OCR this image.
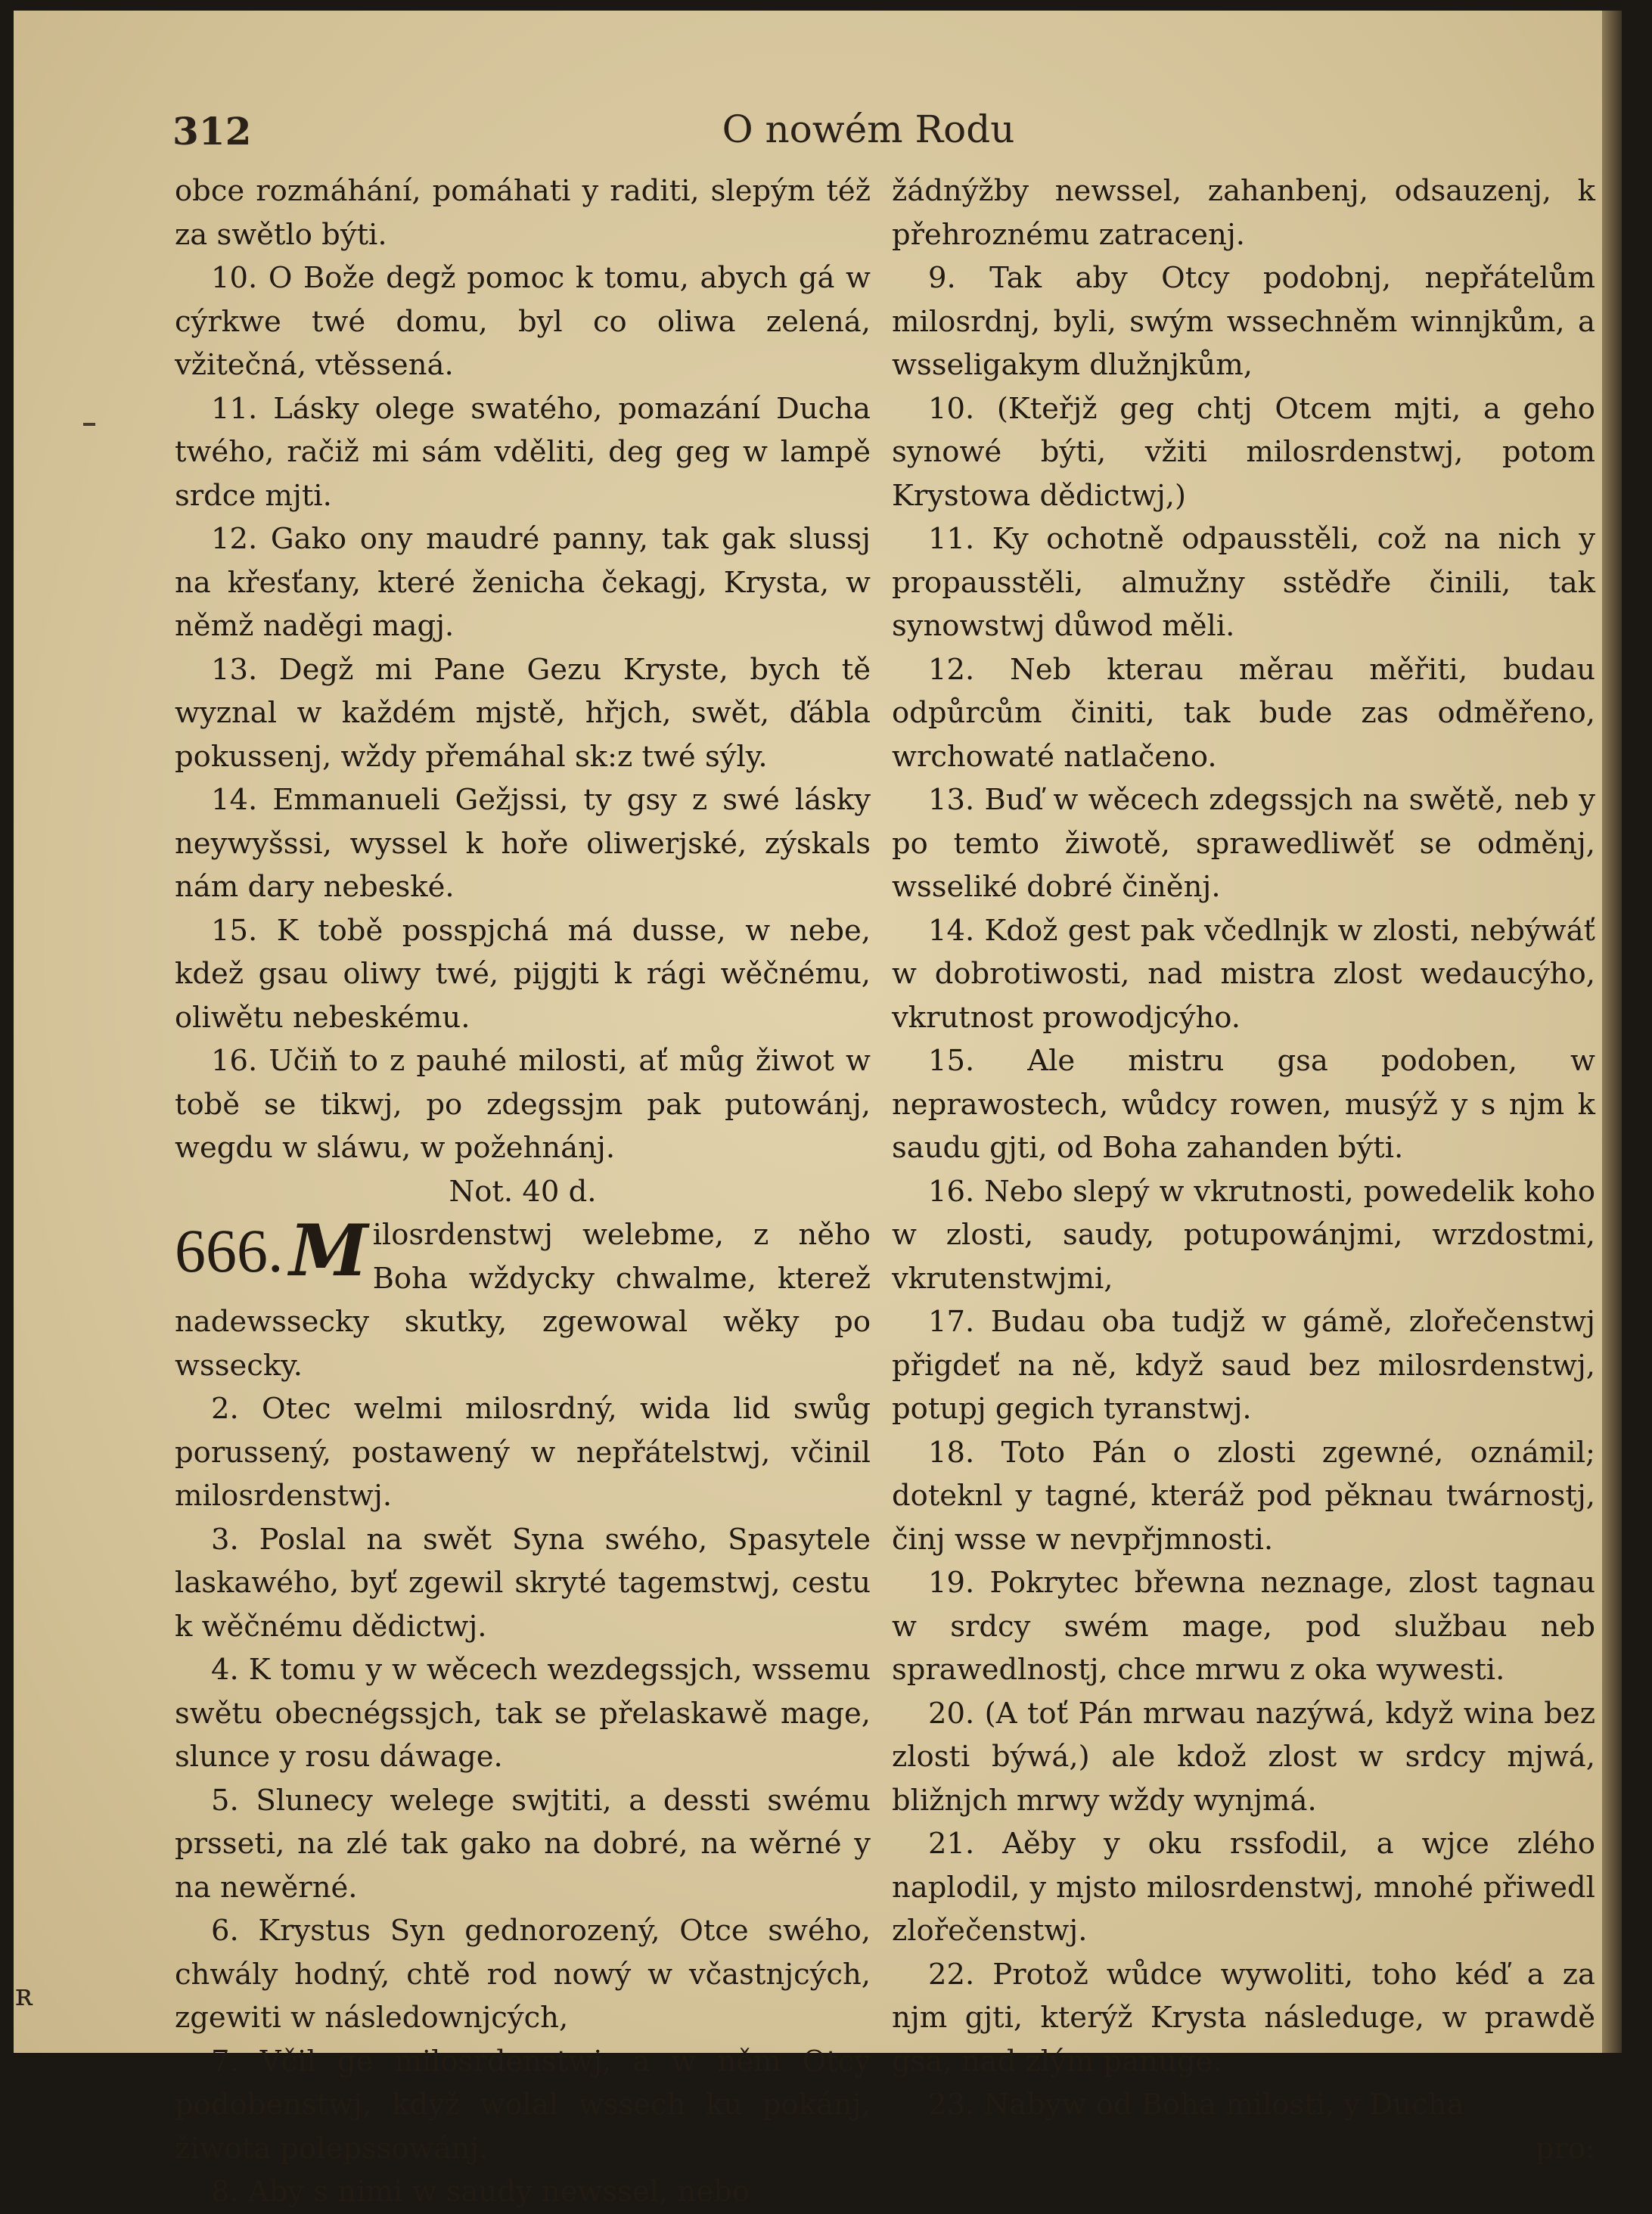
312	O nowém Rodu

obce rozmáhání, pomáhati y raditi, slepým též za swětlo býti.

10. O Bože degž pomoc k tomu, abych gá w cýrkwe twé domu, byl co oliwa zelená, vžitečná, vtěssená.

11. Lásky olege swatého, pomazání Ducha twého, račiž mi sám vděliti, deg geg w lampě srdce mjti.

12. Gako ony maudré panny, tak gak slussj na křesťany, které ženicha čekagj, Krysta, w němž naděgi magj.

13. Degž mi Pane Gezu Kryste, bych tě wyznal w každém mjstě, hřjch, swět, ďábla pokussenj, wždy přemáhal sk:z twé sýly.

14. Emmanueli Gežjssi, ty gsy z swé lásky neywyšssi, wyssel k hoře oliwerjské, zýskals nám dary nebeské.

15. K tobě posspjchá má dusse, w nebe, kdež gsau oliwy twé, pijgjti k rági wěčnému, oliwětu nebeskému.

16. Učiň to z pauhé milosti, ať můg žiwot w tobě se tikwj, po zdegssjm pak putowánj, wegdu w sláwu, w požehnánj.

Not. 40 d.

666. M ilosrdenstwj welebme, z něho Boha wždycky chwalme, kterež nadewssecky skutky, zgewowal wěky po wssecky.

2. Otec welmi milosrdný, wida lid swůg porussený, postawený w nepřátelstwj, včinil milosrdenstwj.

3. Poslal na swět Syna swého, Spasytele laskawého, byť zgewil skryté tagemstwj, cestu k wěčnému dědictwj.

4. K tomu y w wěcech wezdegssjch, wssemu swětu obecnégssjch, tak se přelaskawě mage, slunce y rosu dáwage.

5. Slunecy welege swjtiti, a dessti swému prsseti, na zlé tak gako na dobré, na wěrné y na newěrné.

6. Krystus Syn gednorozený, Otce swého, chwály hodný, chtě rod nowý w včastnjcých, zgewiti w následownjcých,

7. Včil ge milosrdenstwj, a w něm Otcy podobenstwj, když wolal wssech ku pokánj, žiwota polepssowánj.

8. Aby s nimi w saudy newssel, nebo

žádnýžby newssel, zahanbenj, odsauzenj, k přehroznému zatracenj.

9. Tak aby Otcy podobnj, nepřátelům milosrdnj, byli, swým wssechněm winnjkům, a wsseligakym dlužnjkům,

10. (Kteřjž geg chtj Otcem mjti, a geho synowé býti, vžiti milosrdenstwj, potom Krystowa dědictwj,)

11. Ky ochotně odpausstěli, což na nich y propausstěli, almužny sstědře činili, tak synowstwj důwod měli.

12. Neb kterau měrau měřiti, budau odpůrcům činiti, tak bude zas odměřeno, wrchowaté natlačeno.

13. Buď w wěcech zdegssjch na swětě, neb y po temto žiwotě, sprawedliwěť se odměnj, wsseliké dobré činěnj.

14. Kdož gest pak včedlnjk w zlosti, nebýwáť w dobrotiwosti, nad mistra zlost wedaucýho, vkrutnost prowodjcýho.

15. Ale mistru gsa podoben, w neprawostech, wůdcy rowen, musýž y s njm k saudu gjti, od Boha zahanden býti.

16. Nebo slepý w vkrutnosti, powedelik koho w zlosti, saudy, potupowánjmi, wrzdostmi, vkrutenstwjmi,

17. Budau oba tudjž w gámě, zlořečenstwj přigdeť na ně, když saud bez milosrdenstwj, potupj gegich tyranstwj.

18. Toto Pán o zlosti zgewné, oznámil; doteknl y tagné, kteráž pod pěknau twárnostj, činj wsse w nevpřjmnosti.

19. Pokrytec břewna neznage, zlost tagnau w srdcy swém mage, pod službau neb sprawedlnostj, chce mrwu z oka wywesti.

20. (A toť Pán mrwau nazýwá, když wina bez zlosti býwá,) ale kdož zlost w srdcy mjwá, bližnjch mrwy wždy wynjmá.

21. Aěby y oku rssfodil, a wjce zlého naplodil, y mjsto milosrdenstwj, mnohé přiwedl zlořečenstwj.

22. Protož wůdce wywoliti, toho kéď a za njm gjti, kterýž Krysta následuge, w prawdě gsa, nad zlým panuge.

23. Nabyw od Boha milosti, y Ducha

pro:

ʀ
